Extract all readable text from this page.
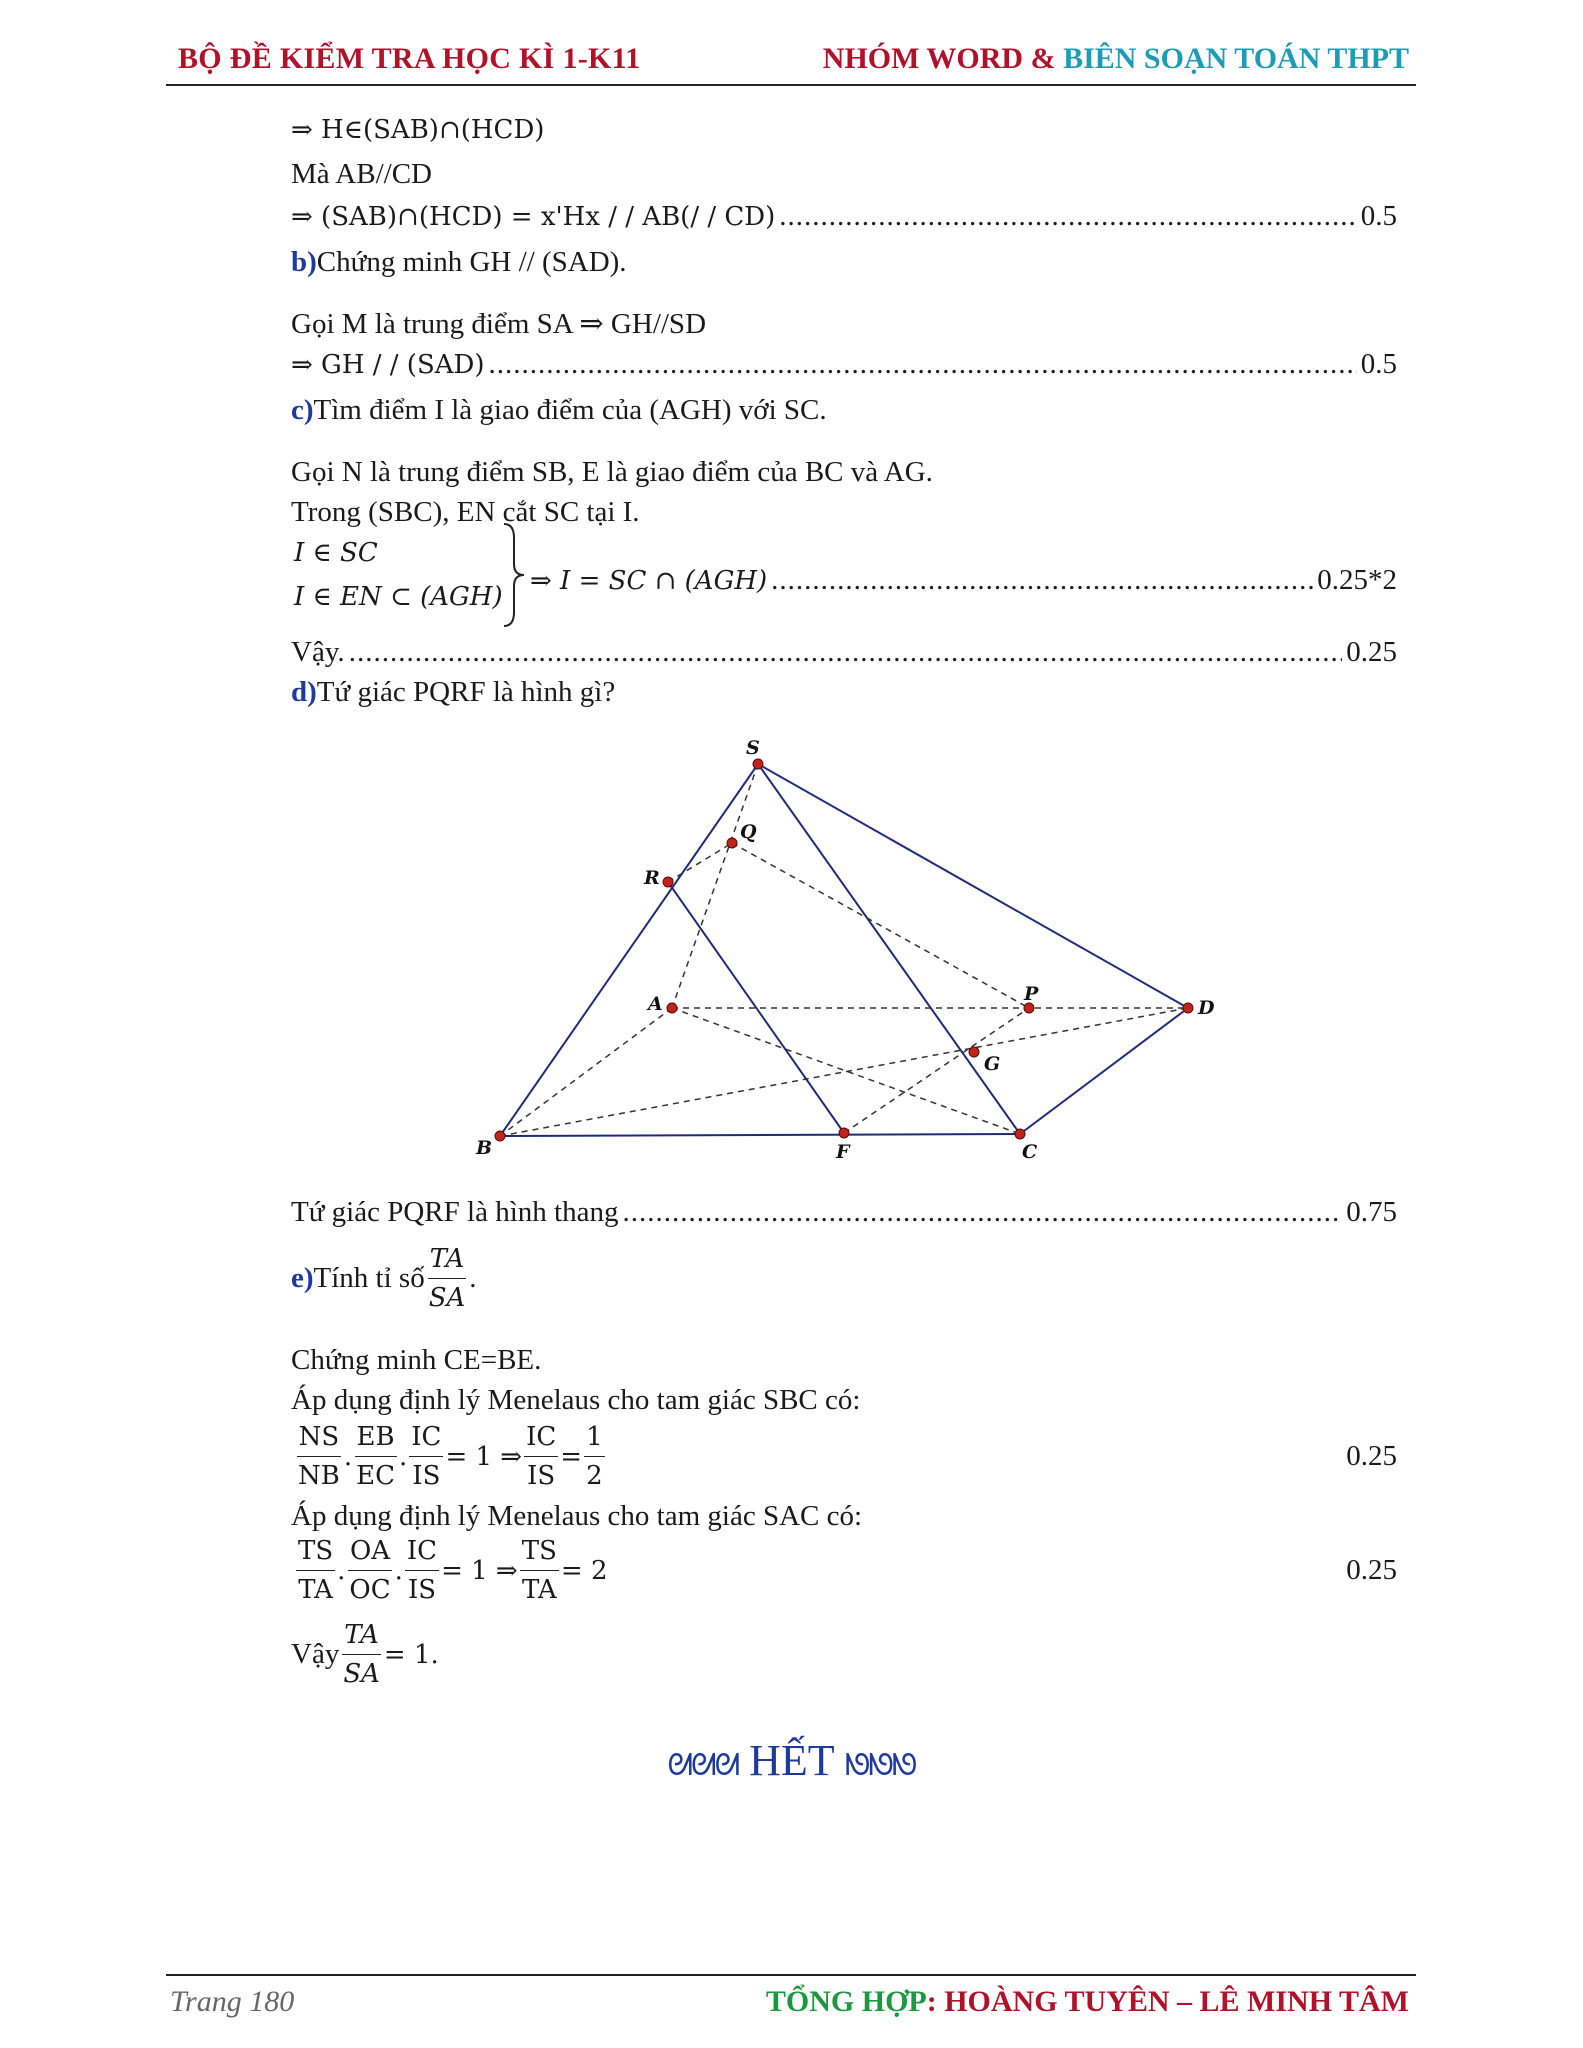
BỘ ĐỀ KIỂM TRA HỌC KÌ 1-K11	NHÓM WORD & BIÊN SOẠN TOÁN THPT
⇒ H∈(SAB)∩(HCD)
Mà AB//CD
⇒ (SAB)∩(HCD) = x'Hx / / AB(/ / CD) .....	0.5
b) Chứng minh GH // (SAD).
Gọi M là trung điểm SA ⇒ GH//SD
⇒ GH / / (SAD) .....	0.5
c) Tìm điểm I là giao điểm của (AGH) với SC.
Gọi N là trung điểm SB, E là giao điểm của BC và AG.
Trong (SBC), EN cắt SC tại I.
I ∈ SC
I ∈ EN ⊂ (AGH)
⇒ I = SC ∩ (AGH) .....	0.25*2
Vậy. .....	0.25
d) Tứ giác PQRF là hình gì?
S
Q
R
A	P
D
G
B	F	C
Tứ giác PQRF là hình thang .....	0.75
e) Tính tỉ số $\frac{TA}{SA}$ .
Chứng minh CE=BE.
Áp dụng định lý Menelaus cho tam giác SBC có:
$\frac{NS}{NB}$ . $\frac{EB}{EC}$ . $\frac{IC}{IS} = 1$ ⇒ $\frac{IC}{IS} = \frac{1}{2}$	0.25
Áp dụng định lý Menelaus cho tam giác SAC có:
$\frac{TS}{TA}$ . $\frac{OA}{OC}$ . $\frac{IC}{IS} = 1$ ⇒ $\frac{TS}{TA} = 2$	0.25
Vậy $\frac{TA}{SA} = 1$.
ᘛᘛᘛ HẾT ᘚᘚᘚ
Trang 180	TỔNG HỢP: HOÀNG TUYÊN – LÊ MINH TÂM
